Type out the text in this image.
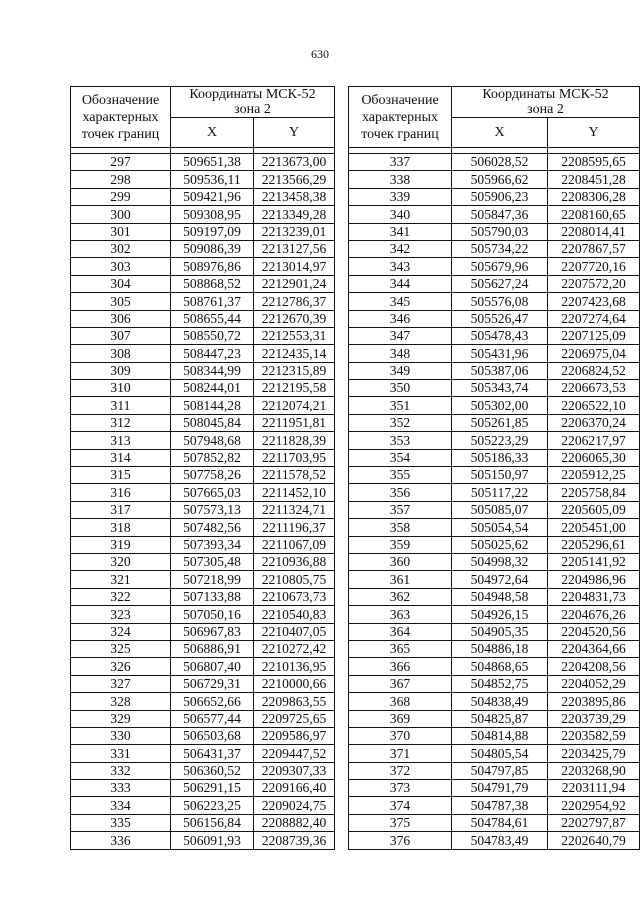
630
Обозначение
характерных
точек границ	Координаты МСК-52
зона 2	
	X	Y

297	509651,38	2213673,00
298	509536,11	2213566,29
299	509421,96	2213458,38
300	509308,95	2213349,28
301	509197,09	2213239,01
302	509086,39	2213127,56
303	508976,86	2213014,97
304	508868,52	2212901,24
305	508761,37	2212786,37
306	508655,44	2212670,39
307	508550,72	2212553,31
308	508447,23	2212435,14
309	508344,99	2212315,89
310	508244,01	2212195,58
311	508144,28	2212074,21
312	508045,84	2211951,81
313	507948,68	2211828,39
314	507852,82	2211703,95
315	507758,26	2211578,52
316	507665,03	2211452,10
317	507573,13	2211324,71
318	507482,56	2211196,37
319	507393,34	2211067,09
320	507305,48	2210936,88
321	507218,99	2210805,75
322	507133,88	2210673,73
323	507050,16	2210540,83
324	506967,83	2210407,05
325	506886,91	2210272,42
326	506807,40	2210136,95
327	506729,31	2210000,66
328	506652,66	2209863,55
329	506577,44	2209725,65
330	506503,68	2209586,97
331	506431,37	2209447,52
332	506360,52	2209307,33
333	506291,15	2209166,40
334	506223,25	2209024,75
335	506156,84	2208882,40
336	506091,93	2208739,36
Обозначение
характерных
точек границ	Координаты МСК-52
зона 2	
	X	Y

337	506028,52	2208595,65
338	505966,62	2208451,28
339	505906,23	2208306,28
340	505847,36	2208160,65
341	505790,03	2208014,41
342	505734,22	2207867,57
343	505679,96	2207720,16
344	505627,24	2207572,20
345	505576,08	2207423,68
346	505526,47	2207274,64
347	505478,43	2207125,09
348	505431,96	2206975,04
349	505387,06	2206824,52
350	505343,74	2206673,53
351	505302,00	2206522,10
352	505261,85	2206370,24
353	505223,29	2206217,97
354	505186,33	2206065,30
355	505150,97	2205912,25
356	505117,22	2205758,84
357	505085,07	2205605,09
358	505054,54	2205451,00
359	505025,62	2205296,61
360	504998,32	2205141,92
361	504972,64	2204986,96
362	504948,58	2204831,73
363	504926,15	2204676,26
364	504905,35	2204520,56
365	504886,18	2204364,66
366	504868,65	2204208,56
367	504852,75	2204052,29
368	504838,49	2203895,86
369	504825,87	2203739,29
370	504814,88	2203582,59
371	504805,54	2203425,79
372	504797,85	2203268,90
373	504791,79	2203111,94
374	504787,38	2202954,92
375	504784,61	2202797,87
376	504783,49	2202640,79
